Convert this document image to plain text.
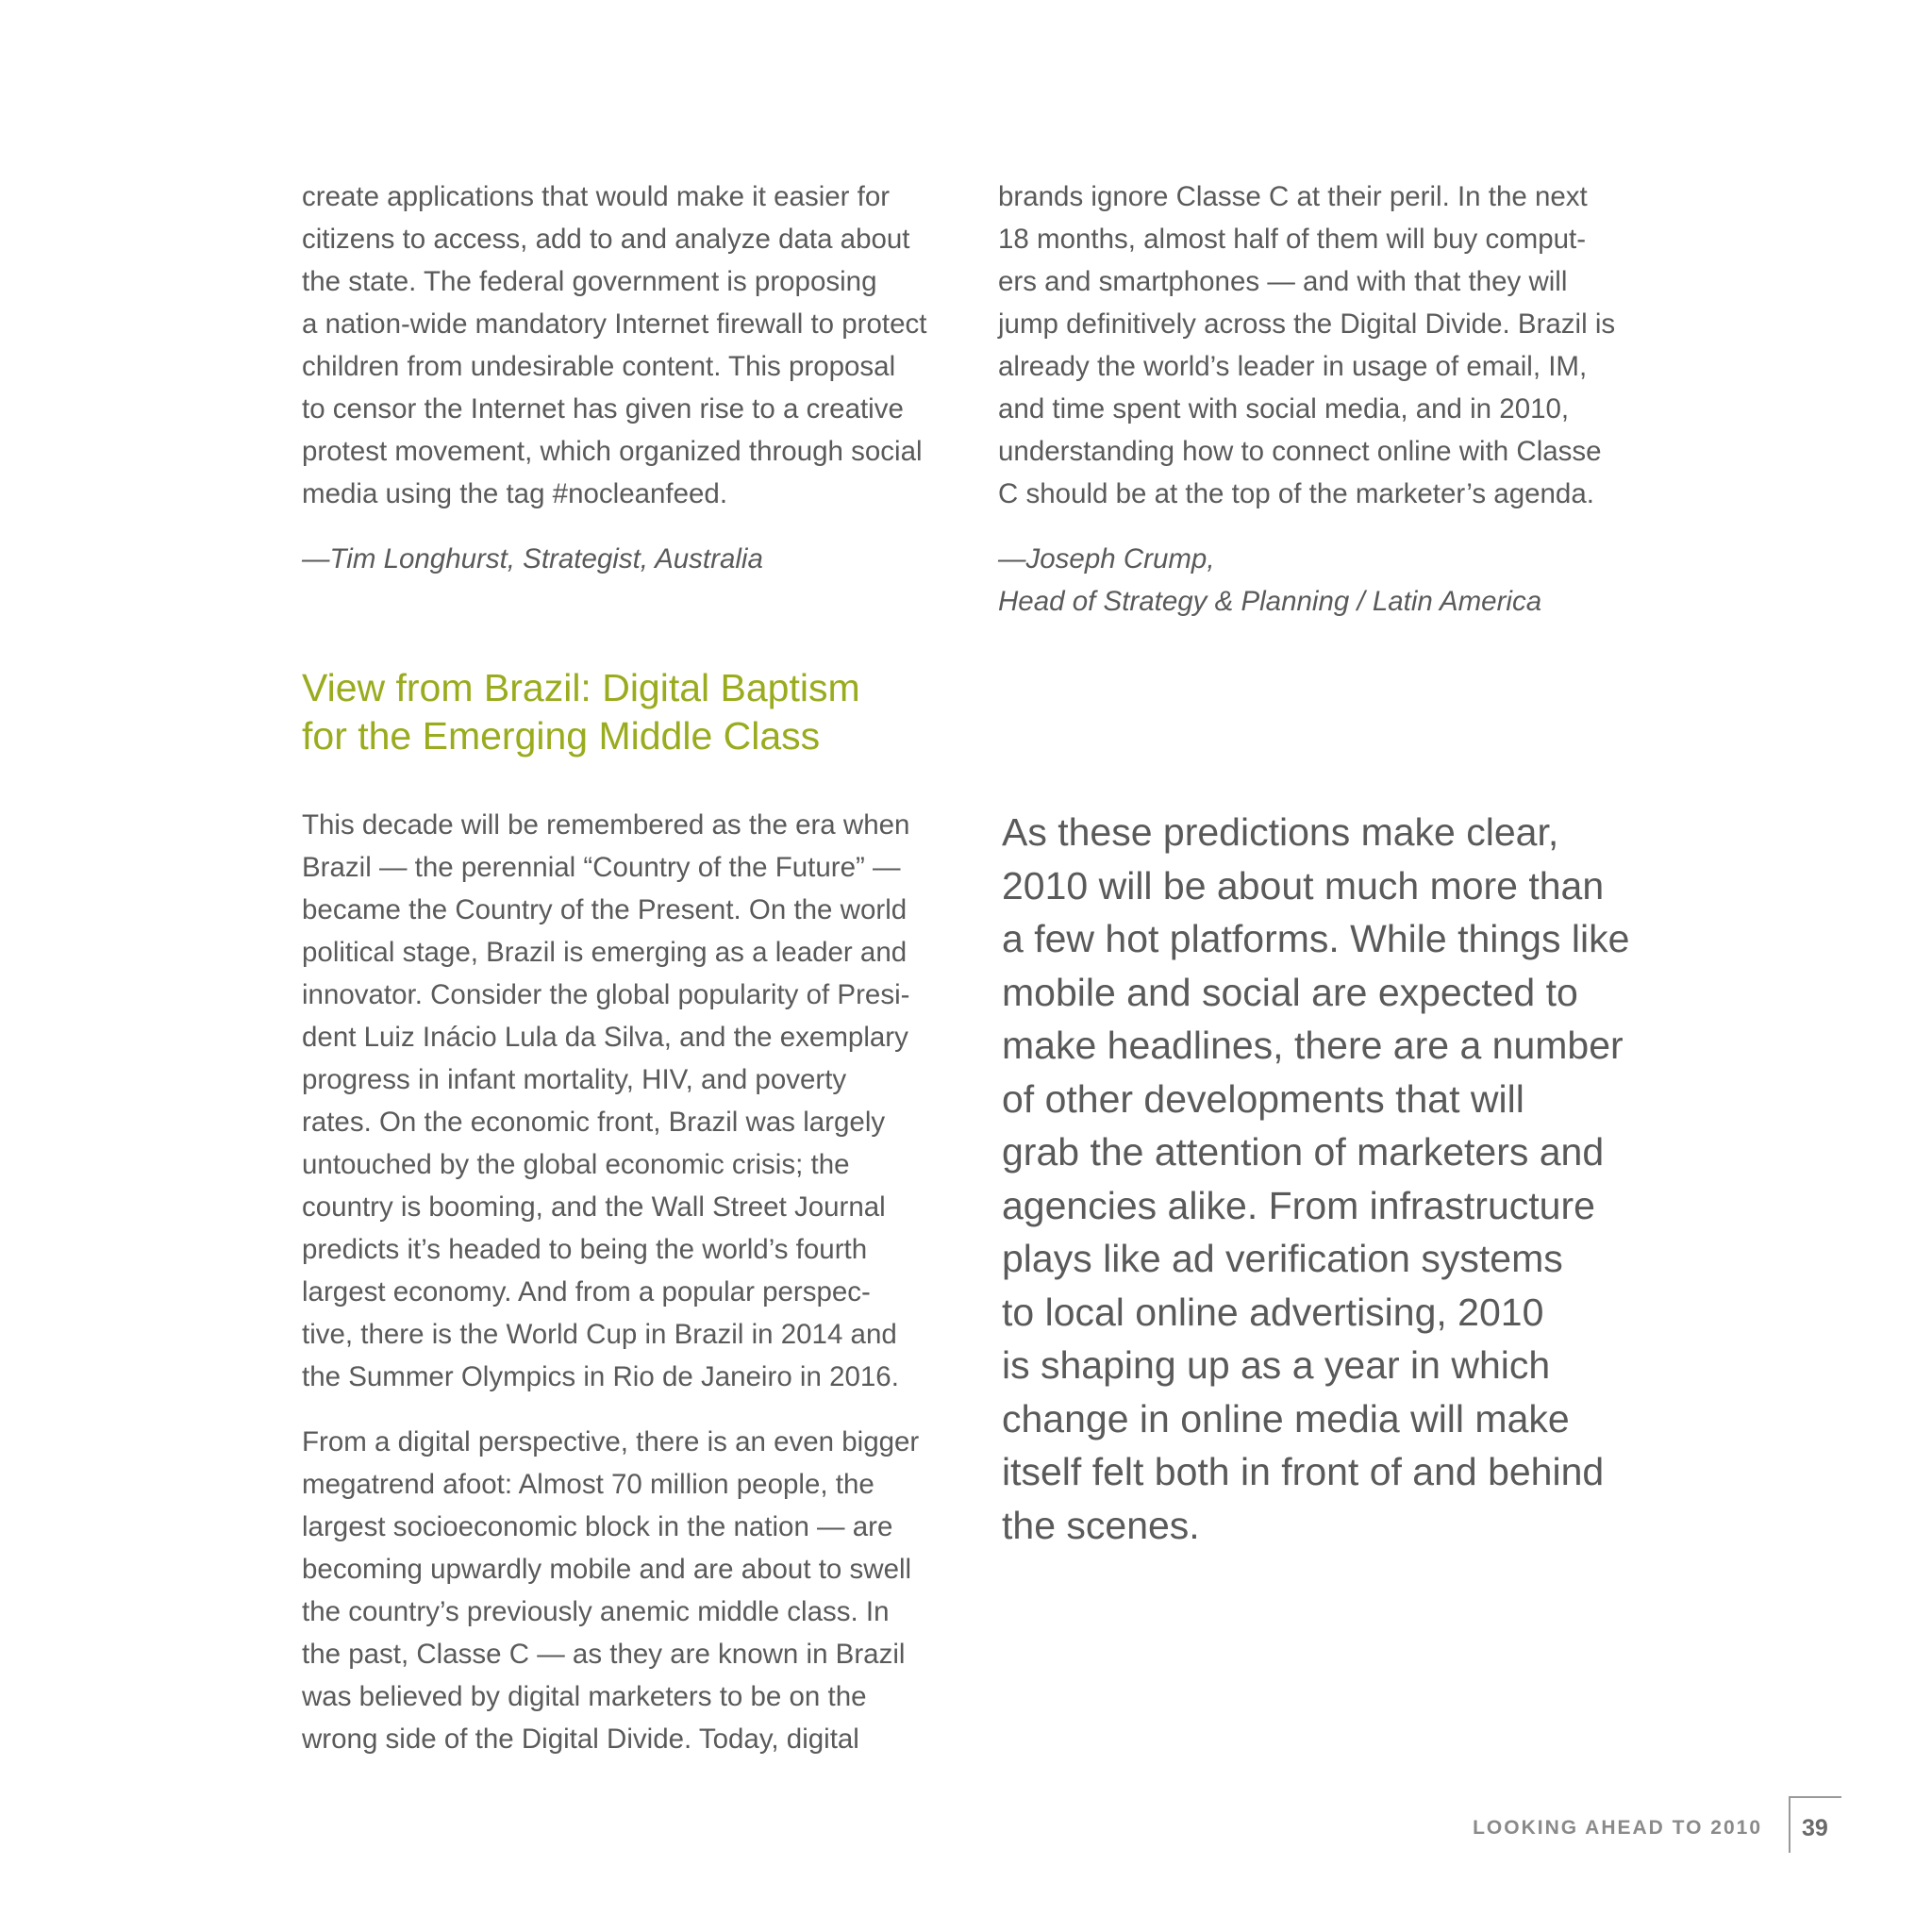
create applications that would make it easier for
citizens to access, add to and analyze data about
the state. The federal government is proposing
a nation-wide mandatory Internet firewall to protect
children from undesirable content. This proposal
to censor the Internet has given rise to a creative
protest movement, which organized through social
media using the tag #nocleanfeed.

—Tim Longhurst, Strategist, Australia

brands ignore Classe C at their peril. In the next
18 months, almost half of them will buy comput-
ers and smartphones — and with that they will
jump definitively across the Digital Divide. Brazil is
already the world’s leader in usage of email, IM,
and time spent with social media, and in 2010,
understanding how to connect online with Classe
C should be at the top of the marketer’s agenda.

—Joseph Crump,
Head of Strategy & Planning / Latin America

View from Brazil: Digital Baptism
for the Emerging Middle Class

This decade will be remembered as the era when
Brazil — the perennial “Country of the Future” —
became the Country of the Present. On the world
political stage, Brazil is emerging as a leader and
innovator. Consider the global popularity of Presi-
dent Luiz Inácio Lula da Silva, and the exemplary
progress in infant mortality, HIV, and poverty
rates. On the economic front, Brazil was largely
untouched by the global economic crisis; the
country is booming, and the Wall Street Journal
predicts it’s headed to being the world’s fourth
largest economy. And from a popular perspec-
tive, there is the World Cup in Brazil in 2014 and
the Summer Olympics in Rio de Janeiro in 2016.

From a digital perspective, there is an even bigger
megatrend afoot: Almost 70 million people, the
largest socioeconomic block in the nation — are
becoming upwardly mobile and are about to swell
the country’s previously anemic middle class. In
the past, Classe C — as they are known in Brazil
was believed by digital marketers to be on the
wrong side of the Digital Divide. Today, digital

As these predictions make clear,
2010 will be about much more than
a few hot platforms. While things like
mobile and social are expected to
make headlines, there are a number
of other developments that will
grab the attention of marketers and
agencies alike. From infrastructure
plays like ad verification systems
to local online advertising, 2010
is shaping up as a year in which
change in online media will make
itself felt both in front of and behind
the scenes.

LOOKING AHEAD TO 2010 39
